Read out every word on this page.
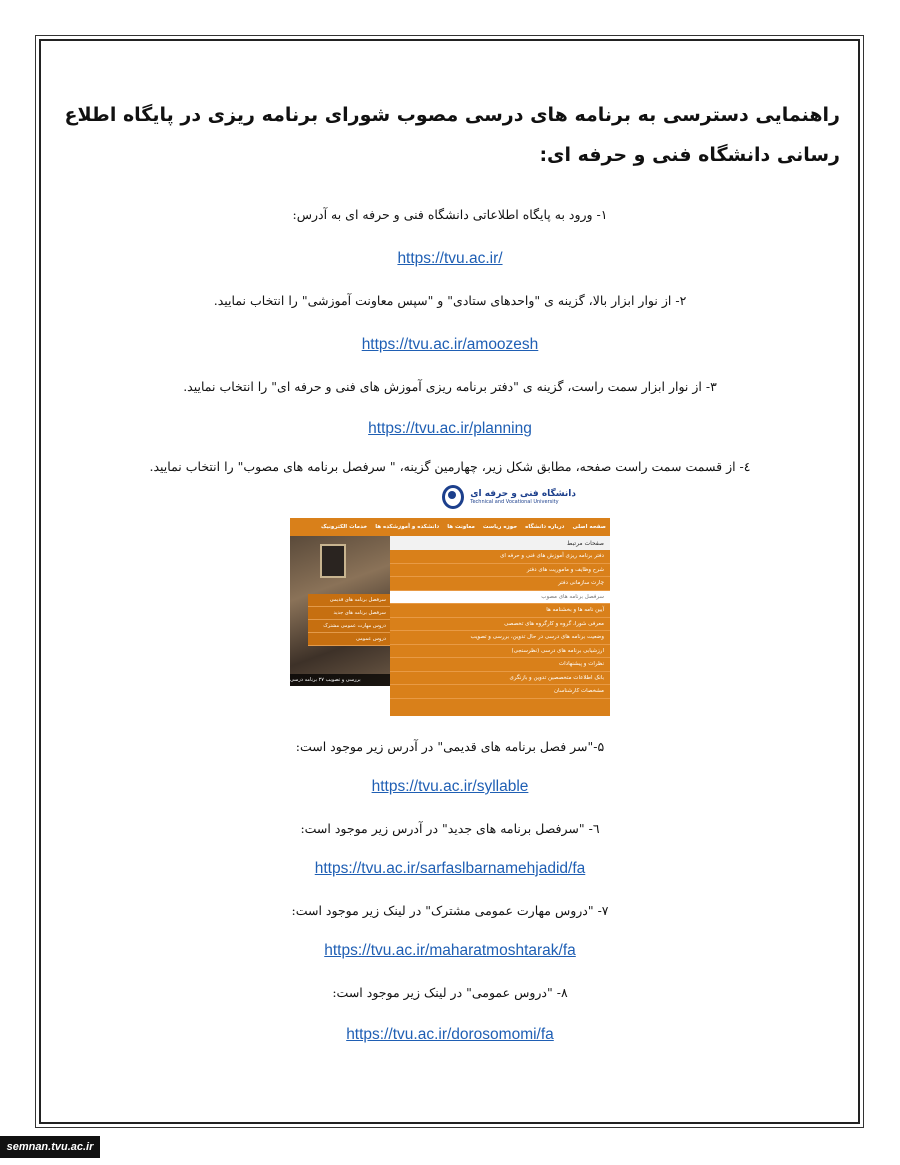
راهنمایی دسترسی به برنامه های درسی مصوب شورای برنامه ریزی در پایگاه اطلاع رسانی دانشگاه فنی و حرفه ای:

۱- ورود به پایگاه اطلاعاتی دانشگاه فنی و حرفه ای به آدرس:

https://tvu.ac.ir/

۲- از نوار ابزار بالا، گزینه ی "واحدهای ستادی" و "سپس معاونت آموزشی" را انتخاب نمایید.

https://tvu.ac.ir/amoozesh

۳- از نوار ابزار سمت راست، گزینه ی "دفتر برنامه ریزی آموزش های فنی و حرفه ای" را انتخاب نمایید.

https://tvu.ac.ir/planning

٤- از قسمت سمت راست صفحه، مطابق شکل زیر، چهارمین گزینه، " سرفصل برنامه های مصوب" را انتخاب نمایید.

دانشگاه فنی و حرفه ای
Technical and Vocational University
صفحه اصلی
درباره دانشگاه
حوزه ریاست
معاونت ها
دانشکده و آموزشکده ها
خدمات الکترونیک
بررسی و تصویب ۲۷ برنامه درسی
سرفصل برنامه های قدیمی
سرفصل برنامه های جدید
دروس مهارت عمومی مشترک
دروس عمومی
صفحات مرتبط
دفتر برنامه ریزی آموزش های فنی و حرفه ای
شرح وظایف و ماموریت های دفتر
چارت سازمانی دفتر
سرفصل برنامه های مصوب
آیین نامه ها و بخشنامه ها
معرفی شورا، گروه و کارگروه های تخصصی
وضعیت برنامه های درسی در حال تدوین، بررسی و تصویب
ارزشیابی برنامه های درسی (نظرسنجی)
نظرات و پیشنهادات
بانک اطلاعات متخصصین تدوین و بازنگری
مشخصات کارشناسان

۵-"سر فصل برنامه های قدیمی" در آدرس زیر موجود است:

https://tvu.ac.ir/syllable

٦- "سرفصل برنامه های جدید" در آدرس زیر موجود است:

https://tvu.ac.ir/sarfaslbarnamehjadid/fa

۷- "دروس مهارت عمومی مشترک" در لینک زیر موجود است:

https://tvu.ac.ir/maharatmoshtarak/fa

۸- "دروس عمومی" در لینک زیر موجود است:

https://tvu.ac.ir/dorosomomi/fa
semnan.tvu.ac.ir
